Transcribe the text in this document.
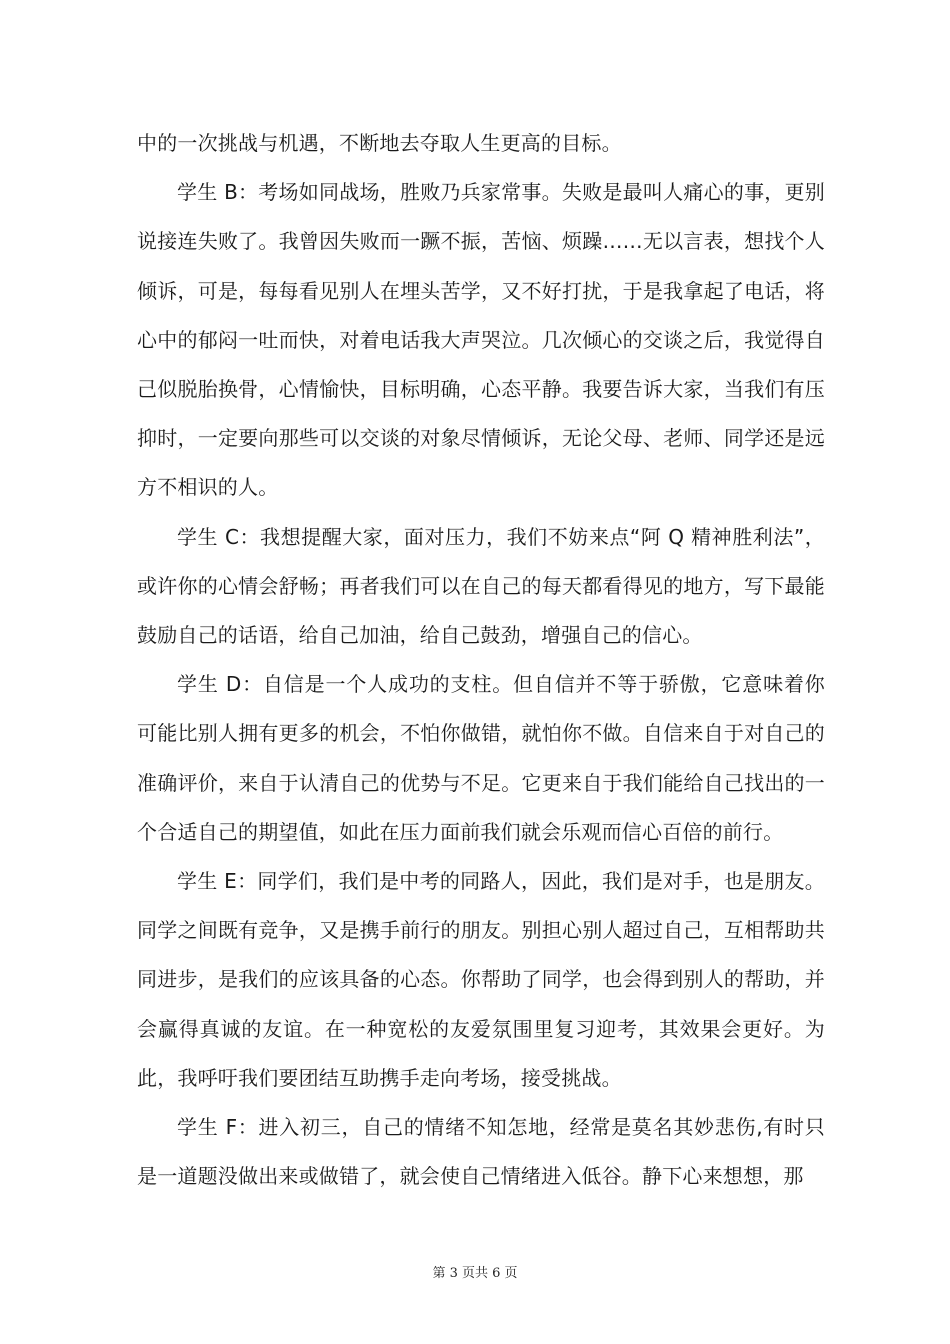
中的一次挑战与机遇，不断地去夺取人生更高的目标。

学生 B：考场如同战场，胜败乃兵家常事。失败是最叫人痛心的事，更别说接连失败了。我曾因失败而一蹶不振，苦恼、烦躁……无以言表，想找个人倾诉，可是，每每看见别人在埋头苦学，又不好打扰，于是我拿起了电话，将心中的郁闷一吐而快，对着电话我大声哭泣。几次倾心的交谈之后，我觉得自己似脱胎换骨，心情愉快，目标明确，心态平静。我要告诉大家，当我们有压抑时，一定要向那些可以交谈的对象尽情倾诉，无论父母、老师、同学还是远方不相识的人。

学生 C：我想提醒大家，面对压力，我们不妨来点“阿 Q 精神胜利法”，或许你的心情会舒畅；再者我们可以在自己的每天都看得见的地方，写下最能鼓励自己的话语，给自己加油，给自己鼓劲，增强自己的信心。

学生 D：自信是一个人成功的支柱。但自信并不等于骄傲，它意味着你可能比别人拥有更多的机会，不怕你做错，就怕你不做。自信来自于对自己的准确评价，来自于认清自己的优势与不足。它更来自于我们能给自己找出的一个合适自己的期望值，如此在压力面前我们就会乐观而信心百倍的前行。

学生 E：同学们，我们是中考的同路人，因此，我们是对手，也是朋友。同学之间既有竞争，又是携手前行的朋友。别担心别人超过自己，互相帮助共同进步，是我们的应该具备的心态。你帮助了同学，也会得到别人的帮助，并会赢得真诚的友谊。在一种宽松的友爱氛围里复习迎考，其效果会更好。为此，我呼吁我们要团结互助携手走向考场，接受挑战。

学生 F：进入初三，自己的情绪不知怎地，经常是莫名其妙悲伤,有时只是一道题没做出来或做错了，就会使自己情绪进入低谷。静下心来想想，那

第 3 页共 6 页
